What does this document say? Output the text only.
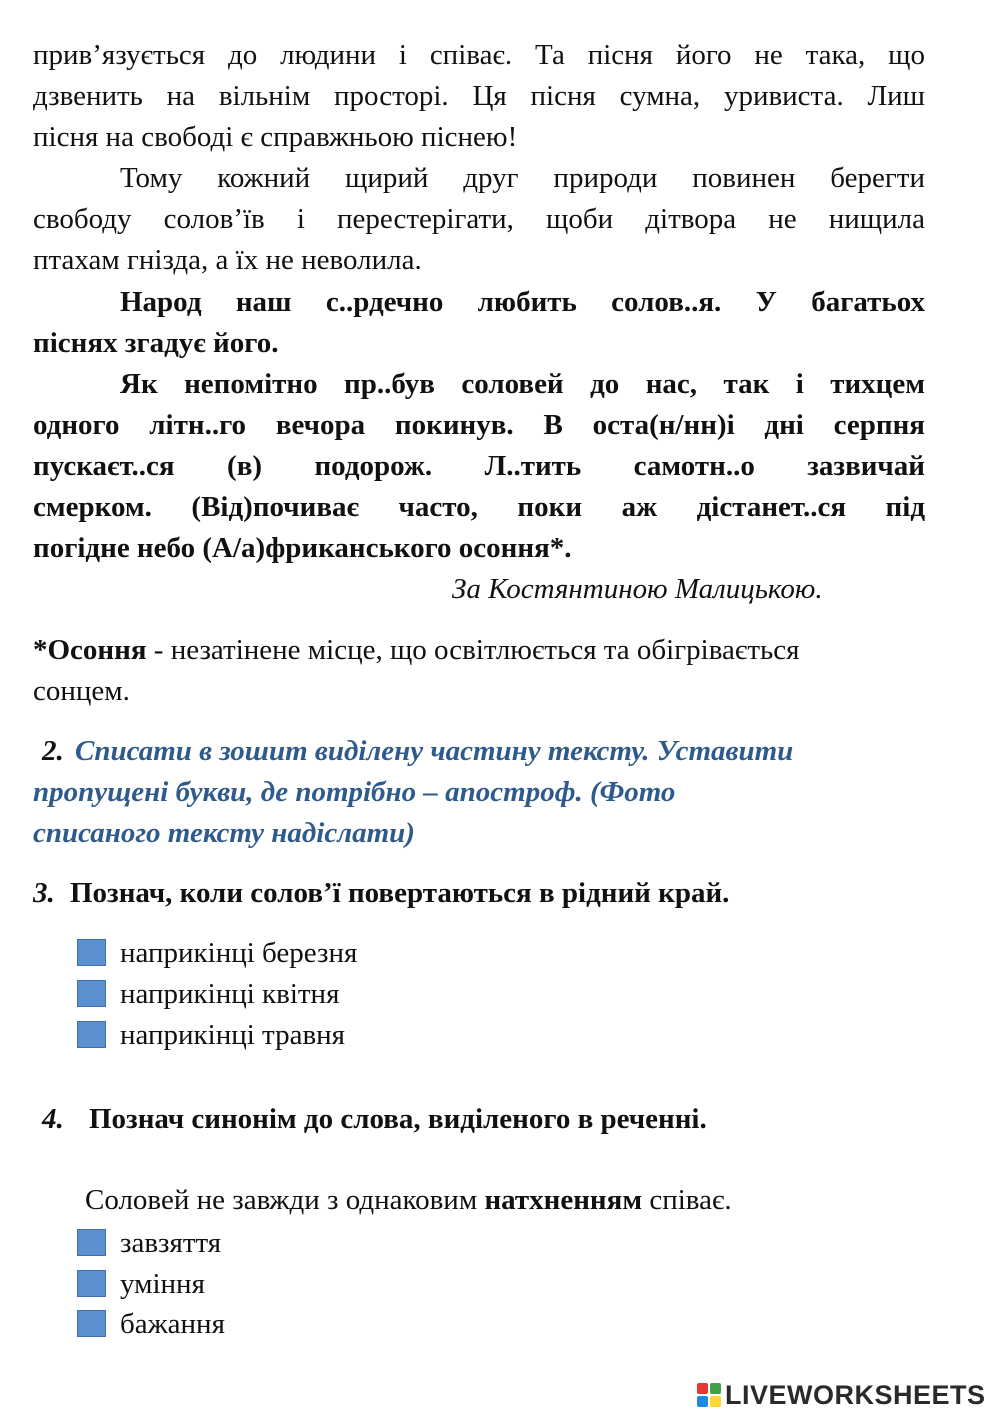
прив’язується до людини і співає. Та пісня його не така, що
дзвенить на вільнім просторі. Ця пісня сумна, уривиста. Лиш
пісня на свободі є справжньою піснею!
Тому кожний щирий друг природи повинен берегти
свободу солов’їв і перестерігати, щоби дітвора не нищила
птахам гнізда, а їх не неволила.
Народ наш с..рдечно любить солов..я. У багатьох
піснях згадує його.
Як непомітно пр..був соловей до нас, так і тихцем
одного літн..го вечора покинув. В оста(н/нн)і дні серпня
пускаєт..ся (в) подорож. Л..тить самотн..о зазвичай
смерком. (Від)почиває часто, поки аж дістанет..ся під
погідне небо (А/а)фриканського осоння*.
За Костянтиною Малицькою.
*Осоння - незатінене місце, що освітлюється та обігрівається
сонцем.
2. Списати в зошит виділену частину тексту. Уставити
пропущені букви, де потрібно – апостроф. (Фото
списаного тексту надіслати)
3. Познач, коли солов’ї повертаються в рідний край.
наприкінці березня
наприкінці квітня
наприкінці травня
4. Познач синонім до слова, виділеного в реченні.
Соловей не завжди з однаковим натхненням співає.
завзяття
уміння
бажання
LIVEWORKSHEETS
